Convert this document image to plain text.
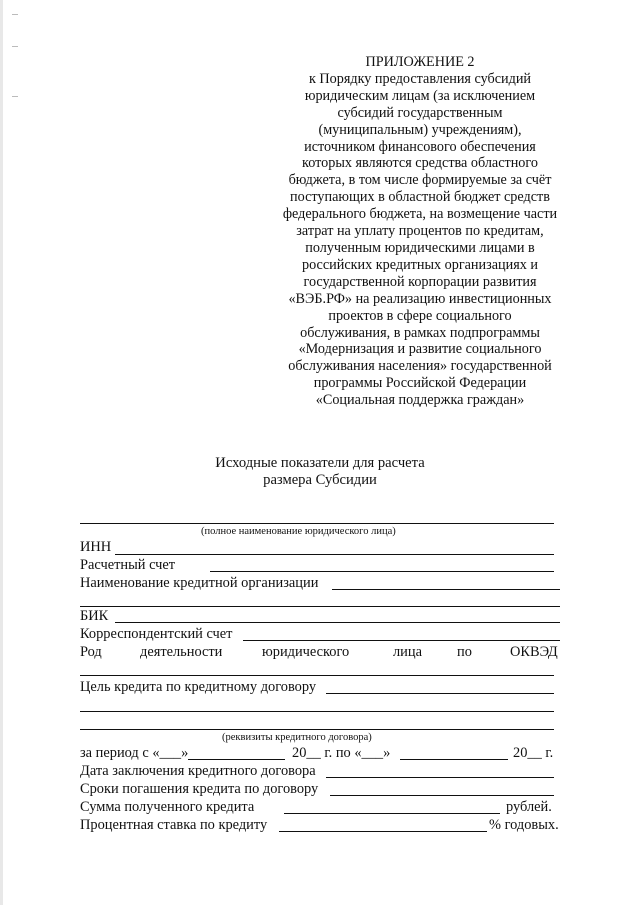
ПРИЛОЖЕНИЕ 2
к Порядку предоставления субсидий
юридическим лицам (за исключением
субсидий государственным
(муниципальным) учреждениям),
источником финансового обеспечения
которых являются средства областного
бюджета, в том числе формируемые за счёт
поступающих в областной бюджет средств
федерального бюджета, на возмещение части
затрат на уплату процентов по кредитам,
полученным юридическими лицами в
российских кредитных организациях и
государственной корпорации развития
«ВЭБ.РФ» на реализацию инвестиционных
проектов в сфере социального
обслуживания, в рамках подпрограммы
«Модернизация и развитие социального
обслуживания населения» государственной
программы Российской Федерации
«Социальная поддержка граждан»
Исходные показатели для расчета
размера Субсидии
(полное наименование юридического лица)
ИНН
Расчетный счет
Наименование кредитной организации
БИК
Корреспондентский счет
Род	деятельности	юридического	лица по	ОКВЭД
Цель кредита по кредитному договору
(реквизиты кредитного договора)
за период с «___»	20__ г. по «___»	20__ г.
Дата заключения кредитного договора
Сроки погашения кредита по договору
Сумма полученного кредита	рублей.
Процентная ставка по кредиту	% годовых.
